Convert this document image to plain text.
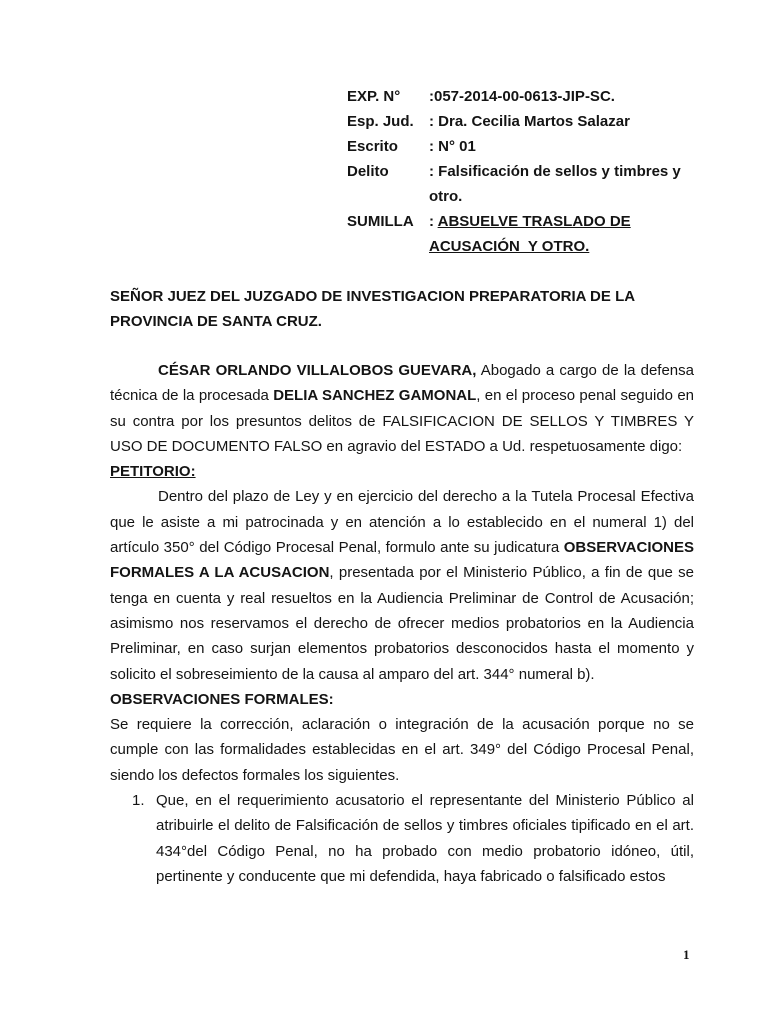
EXP. N°	:057-2014-00-0613-JIP-SC.
Esp. Jud.	: Dra. Cecilia Martos Salazar
Escrito	: N° 01
Delito	: Falsificación de sellos y timbres y
otro.
SUMILLA	: ABSUELVE TRASLADO DE
ACUSACIÓN  Y OTRO.
SEÑOR JUEZ DEL JUZGADO DE INVESTIGACION PREPARATORIA DE LA PROVINCIA DE SANTA CRUZ.

CÉSAR ORLANDO VILLALOBOS GUEVARA, Abogado a cargo de la defensa técnica de la procesada DELIA SANCHEZ GAMONAL, en el proceso penal seguido en su contra por los presuntos delitos de FALSIFICACION DE SELLOS Y TIMBRES Y USO DE DOCUMENTO FALSO en agravio del ESTADO a Ud. respetuosamente digo:

PETITORIO:

Dentro del plazo de Ley y en ejercicio del derecho a la Tutela Procesal Efectiva que le asiste a mi patrocinada y en atención a lo establecido en el numeral 1) del artículo 350° del Código Procesal Penal, formulo ante su judicatura OBSERVACIONES FORMALES A LA ACUSACION, presentada por el Ministerio Público, a fin de que se tenga en cuenta y real resueltos en la Audiencia Preliminar de Control de Acusación; asimismo nos reservamos el derecho de ofrecer medios probatorios en la Audiencia Preliminar, en caso surjan elementos probatorios desconocidos hasta el momento y solicito el sobreseimiento de la causa al amparo del art. 344° numeral b).

OBSERVACIONES FORMALES:

Se requiere la corrección, aclaración o integración de la acusación porque no se cumple con las formalidades establecidas en el art. 349° del Código Procesal Penal, siendo los defectos formales los siguientes.

1. Que, en el requerimiento acusatorio el representante del Ministerio Público al atribuirle el delito de Falsificación de sellos y timbres oficiales tipificado en el art. 434°del Código Penal, no ha probado con medio probatorio idóneo, útil, pertinente y conducente que mi defendida, haya fabricado o falsificado estos
1
